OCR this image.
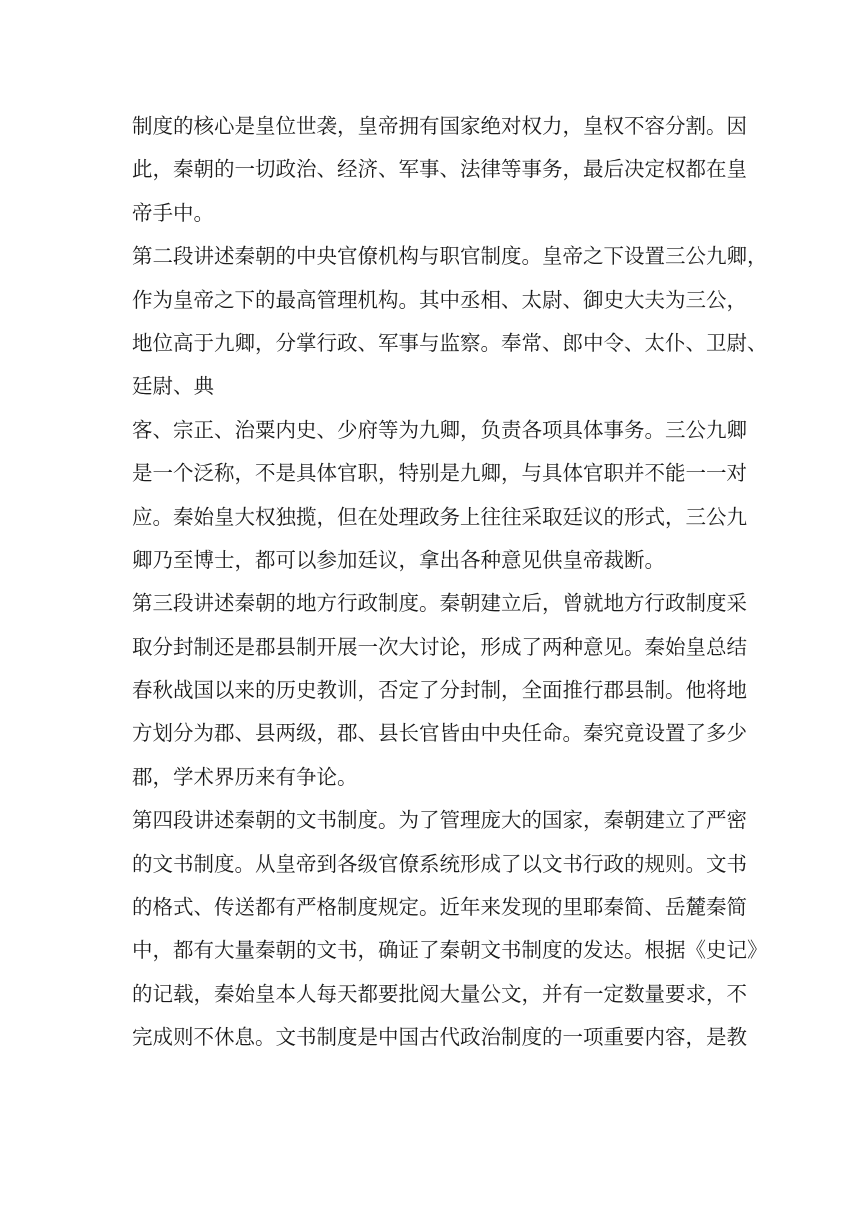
制度的核心是皇位世袭，皇帝拥有国家绝对权力，皇权不容分割。因
此，秦朝的一切政治、经济、军事、法律等事务，最后决定权都在皇
帝手中。
第二段讲述秦朝的中央官僚机构与职官制度。皇帝之下设置三公九卿，
作为皇帝之下的最高管理机构。其中丞相、太尉、御史大夫为三公，
地位高于九卿，分掌行政、军事与监察。奉常、郎中令、太仆、卫尉、
廷尉、典
客、宗正、治粟内史、少府等为九卿，负责各项具体事务。三公九卿
是一个泛称，不是具体官职，特别是九卿，与具体官职并不能一一对
应。秦始皇大权独揽，但在处理政务上往往采取廷议的形式，三公九
卿乃至博士，都可以参加廷议，拿出各种意见供皇帝裁断。
第三段讲述秦朝的地方行政制度。秦朝建立后，曾就地方行政制度采
取分封制还是郡县制开展一次大讨论，形成了两种意见。秦始皇总结
春秋战国以来的历史教训，否定了分封制，全面推行郡县制。他将地
方划分为郡、县两级，郡、县长官皆由中央任命。秦究竟设置了多少
郡，学术界历来有争论。
第四段讲述秦朝的文书制度。为了管理庞大的国家，秦朝建立了严密
的文书制度。从皇帝到各级官僚系统形成了以文书行政的规则。文书
的格式、传送都有严格制度规定。近年来发现的里耶秦简、岳麓秦简
中，都有大量秦朝的文书，确证了秦朝文书制度的发达。根据《史记》
的记载，秦始皇本人每天都要批阅大量公文，并有一定数量要求，不
完成则不休息。文书制度是中国古代政治制度的一项重要内容，是教
